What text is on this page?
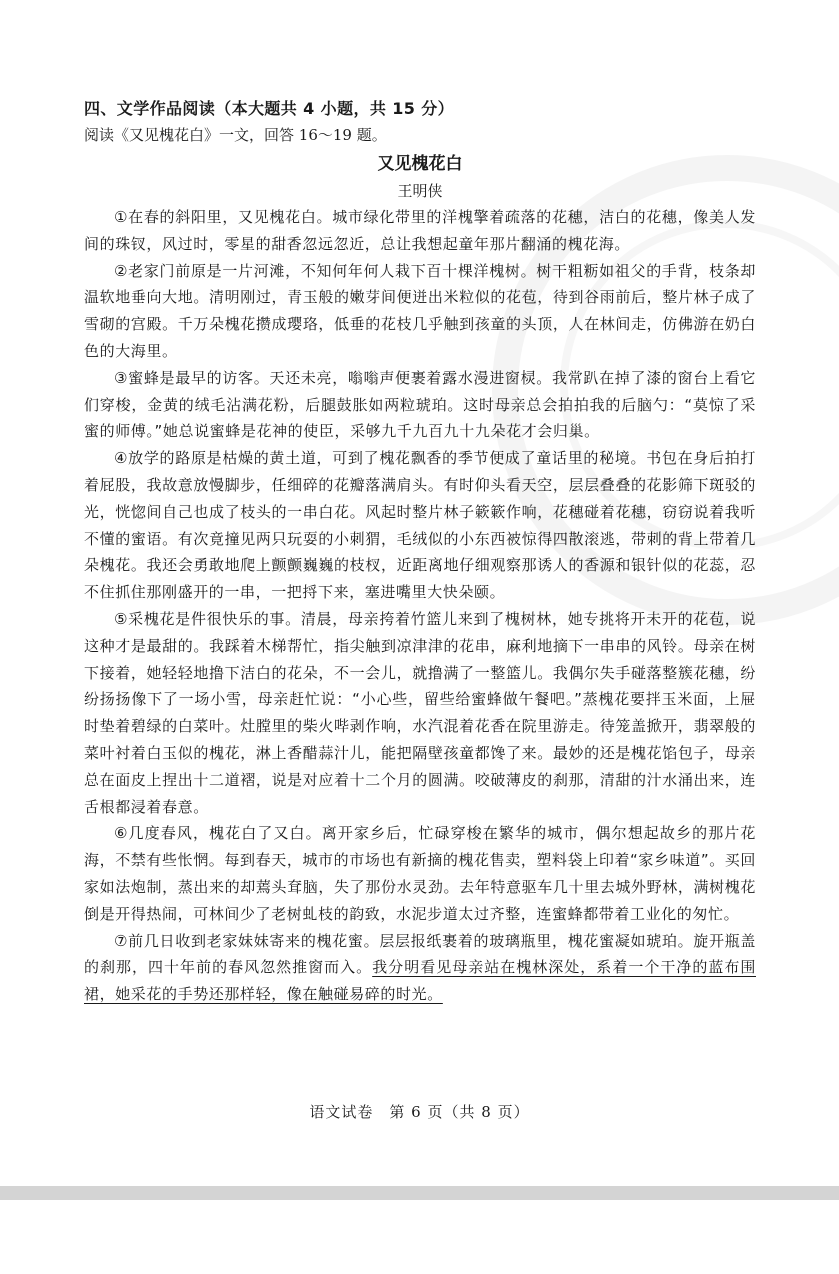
四、文学作品阅读（本大题共 4 小题，共 15 分）
阅读《又见槐花白》一文，回答 16～19 题。
又见槐花白
王明侠

①在春的斜阳里，又见槐花白。城市绿化带里的洋槐擎着疏落的花穗，洁白的花穗，像美人发间的珠钗，风过时，零星的甜香忽远忽近，总让我想起童年那片翻涌的槐花海。

②老家门前原是一片河滩，不知何年何人栽下百十棵洋槐树。树干粗粝如祖父的手背，枝条却温软地垂向大地。清明刚过，青玉般的嫩芽间便迸出米粒似的花苞，待到谷雨前后，整片林子成了雪砌的宫殿。千万朵槐花攒成璎珞，低垂的花枝几乎触到孩童的头顶，人在林间走，仿佛游在奶白色的大海里。

③蜜蜂是最早的访客。天还未亮，嗡嗡声便裹着露水漫进窗棂。我常趴在掉了漆的窗台上看它们穿梭，金黄的绒毛沾满花粉，后腿鼓胀如两粒琥珀。这时母亲总会拍拍我的后脑勺：“莫惊了采蜜的师傅。”她总说蜜蜂是花神的使臣，采够九千九百九十九朵花才会归巢。

④放学的路原是枯燥的黄土道，可到了槐花飘香的季节便成了童话里的秘境。书包在身后拍打着屁股，我故意放慢脚步，任细碎的花瓣落满肩头。有时仰头看天空，层层叠叠的花影筛下斑驳的光，恍惚间自己也成了枝头的一串白花。风起时整片林子簌簌作响，花穗碰着花穗，窃窃说着我听不懂的蜜语。有次竟撞见两只玩耍的小刺猬，毛绒似的小东西被惊得四散滚逃，带刺的背上带着几朵槐花。我还会勇敢地爬上颤颤巍巍的枝杈，近距离地仔细观察那诱人的香源和银针似的花蕊，忍不住抓住那刚盛开的一串，一把捋下来，塞进嘴里大快朵颐。

⑤采槐花是件很快乐的事。清晨，母亲挎着竹篮儿来到了槐树林，她专挑将开未开的花苞，说这种才是最甜的。我踩着木梯帮忙，指尖触到凉津津的花串，麻利地摘下一串串的风铃。母亲在树下接着，她轻轻地撸下洁白的花朵，不一会儿，就撸满了一整篮儿。我偶尔失手碰落整簇花穗，纷纷扬扬像下了一场小雪，母亲赶忙说：“小心些，留些给蜜蜂做午餐吧。”蒸槐花要拌玉米面，上屉时垫着碧绿的白菜叶。灶膛里的柴火哔剥作响，水汽混着花香在院里游走。待笼盖掀开，翡翠般的菜叶衬着白玉似的槐花，淋上香醋蒜汁儿，能把隔壁孩童都馋了来。最妙的还是槐花馅包子，母亲总在面皮上捏出十二道褶，说是对应着十二个月的圆满。咬破薄皮的刹那，清甜的汁水涌出来，连舌根都浸着春意。

⑥几度春风，槐花白了又白。离开家乡后，忙碌穿梭在繁华的城市，偶尔想起故乡的那片花海，不禁有些怅惘。每到春天，城市的市场也有新摘的槐花售卖，塑料袋上印着“家乡味道”。买回家如法炮制，蒸出来的却蔫头耷脑，失了那份水灵劲。去年特意驱车几十里去城外野林，满树槐花倒是开得热闹，可林间少了老树虬枝的韵致，水泥步道太过齐整，连蜜蜂都带着工业化的匆忙。

⑦前几日收到老家妹妹寄来的槐花蜜。层层报纸裹着的玻璃瓶里，槐花蜜凝如琥珀。旋开瓶盖的刹那，四十年前的春风忽然推窗而入。我分明看见母亲站在槐林深处，系着一个干净的蓝布围裙，她采花的手势还那样轻，像在触碰易碎的时光。

语文试卷　第 6 页（共 8 页）
